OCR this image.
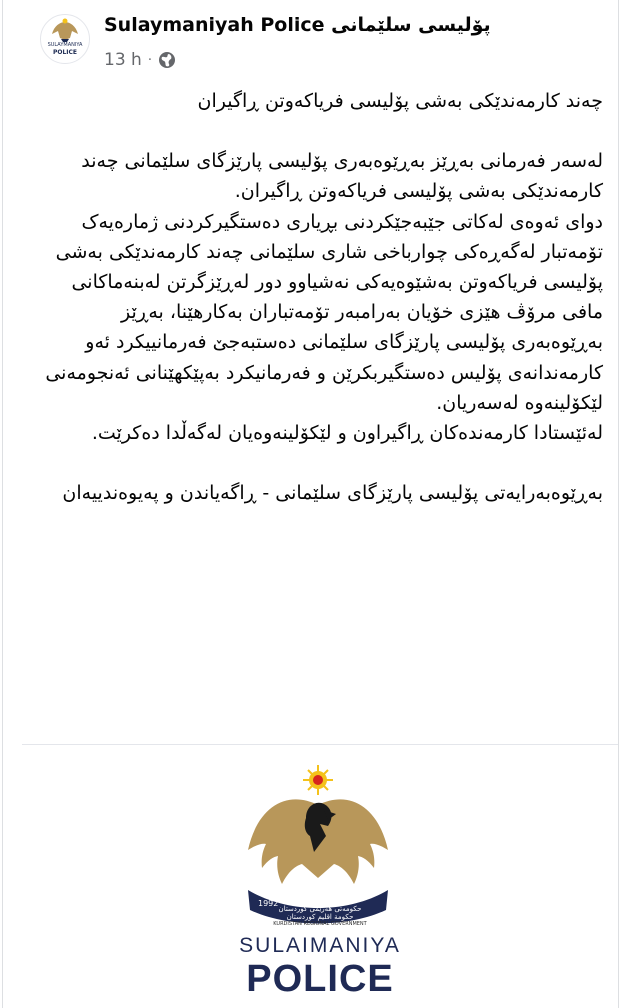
SULAYMANIYA
POLICE
Sulaymaniyah Police پۆلیسی سلێمانی
13 h ·

چەند کارمەندێکی بەشی پۆلیسی فریاکەوتن ڕاگیران

لەسەر فەرمانی بەڕێز بەڕێوەبەری پۆلیسی پارێزگای سلێمانی چەند کارمەندێکی بەشی پۆلیسی فریاکەوتن ڕاگیران.

دوای ئەوەی لەکاتی جێبەجێکردنی بڕیاری دەستگیرکردنی ژمارەیەک تۆمەتبار لەگەڕەکی چوارباخی شاری سلێمانی چەند کارمەندێکی بەشی پۆلیسی فریاکەوتن بەشێوەیەکی نەشیاوو دور لەڕێزگرتن لەبنەماکانی مافی مرۆڤ هێزی خۆیان بەرامبەر تۆمەتباران بەکارهێنا، بەڕێز بەڕێوەبەری پۆلیسی پارێزگای سلێمانی دەستبەجێ فەرمانییکرد ئەو کارمەندانەی پۆلیس دەستگیربکرێن و فەرمانیکرد بەپێکهێنانی ئەنجومەنی لێکۆلینەوە لەسەریان.

لەئێستادا کارمەندەکان ڕاگیراون و لێکۆلینەوەیان لەگەڵدا دەکرێت.

بەڕێوەبەرایەتی پۆلیسی پارێزگای سلێمانی - ڕاگەیاندن و پەیوەندییەان

1992
حکومەتی هەرێمی کوردستان
حكومة اقليم كوردستان
KURDISTAN REGIONAL GOVERNMENT

SULAIMANIYA

POLICE
